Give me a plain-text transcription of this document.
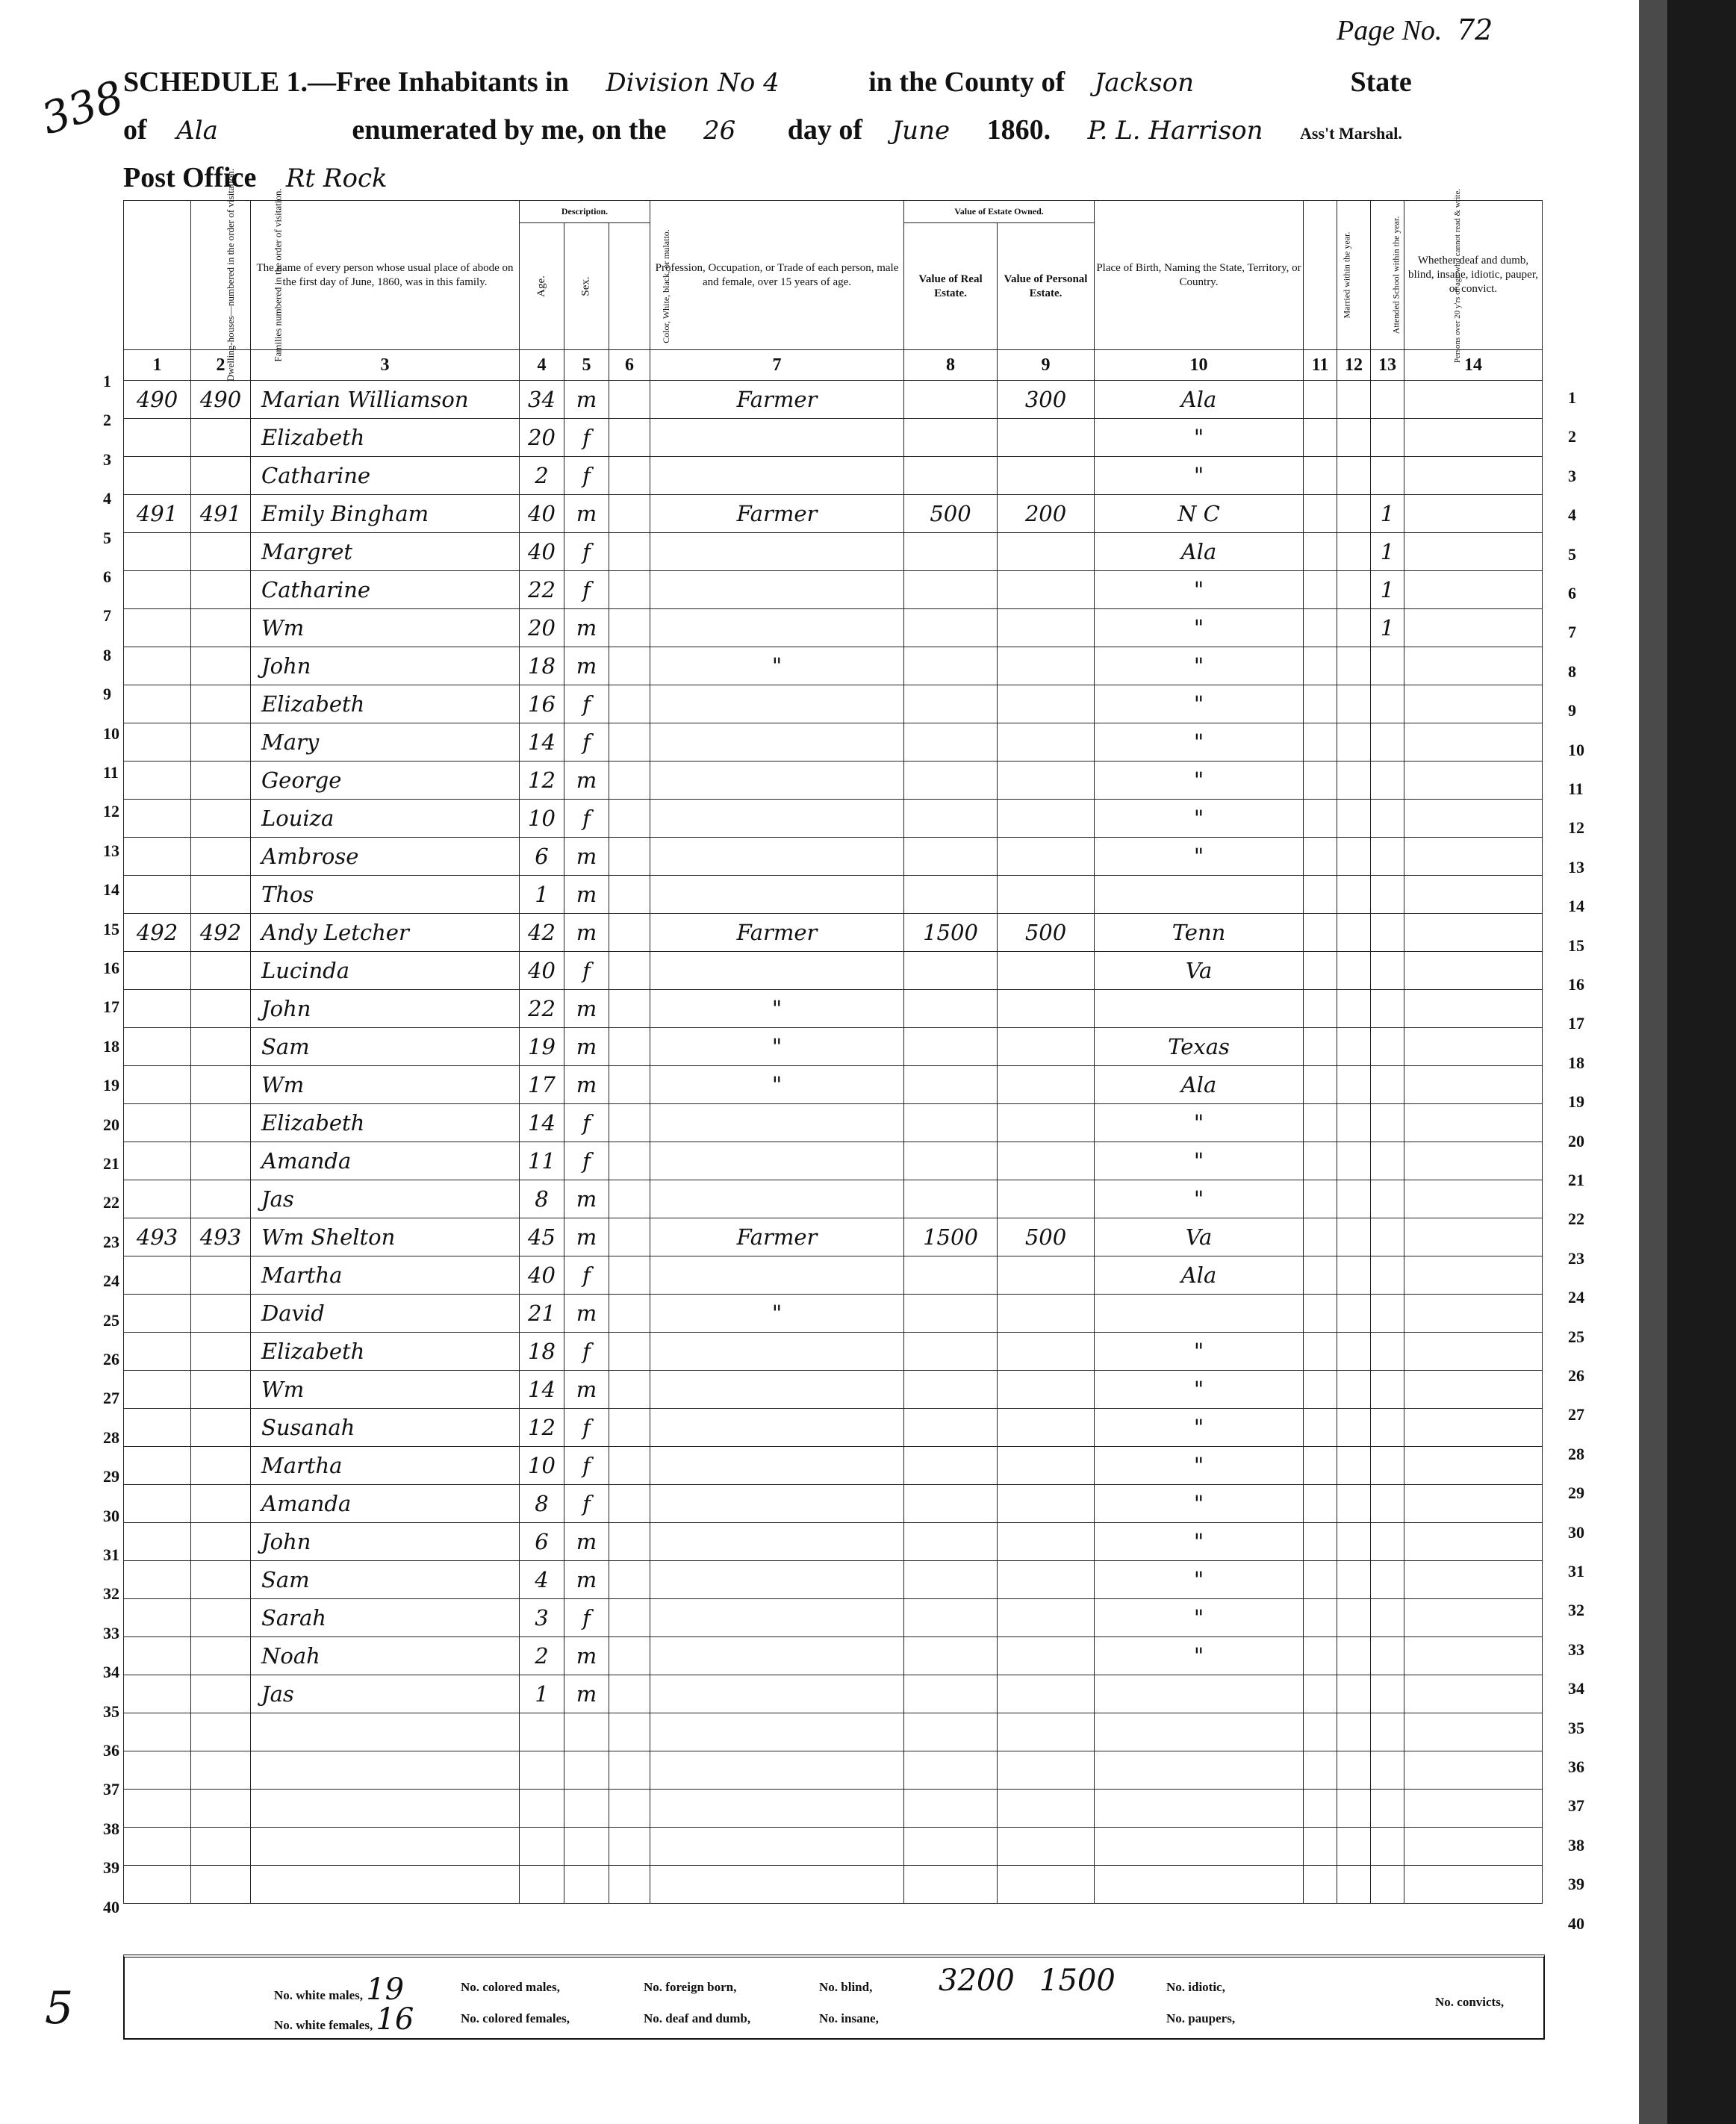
338
Page No. 72
SCHEDULE 1.—Free Inhabitants in Division No 4	in the County of Jackson	State
of Ala	enumerated by me, on the 26 day of June 1860. P. L. Harrison Ass't Marshal.
Post Office Rt Rock
Dwelling-houses—numbered in the order of visitation.	Families numbered in the order of visitation.	The name of every person whose usual place of abode on the first day of June, 1860, was in this family.	Description.			Profession, Occupation, or Trade of each person, male and female, over 15 years of age.	Value of Estate Owned.		Place of Birth, Naming the State, Territory, or Country.	Married within the year.	Attended School within the year.	Persons over 20 y'rs of age who cannot read & write.	Whether deaf and dumb, blind, insane, idiotic, pauper, or convict.
			Age.	Sex.	Color, White, black, or mulatto.		Value of Real Estate.	Value of Personal Estate.					
1	2	3	4	5	6	7	8	9	10	11	12	13	14
490	490	Marian Williamson	34	m		Farmer		300	Ala				
		Elizabeth	20	f					"				
		Catharine	2	f					"				
491	491	Emily Bingham	40	m		Farmer	500	200	N C			1	
		Margret	40	f					Ala			1	
		Catharine	22	f					"			1	
		Wm	20	m					"			1	
		John	18	m		"			"				
		Elizabeth	16	f					"				
		Mary	14	f					"				
		George	12	m					"				
		Louiza	10	f					"				
		Ambrose	6	m					"				
		Thos	1	m									
492	492	Andy Letcher	42	m		Farmer	1500	500	Tenn				
		Lucinda	40	f					Va				
		John	22	m		"							
		Sam	19	m		"			Texas				
		Wm	17	m		"			Ala				
		Elizabeth	14	f					"				
		Amanda	11	f					"				
		Jas	8	m					"				
493	493	Wm Shelton	45	m		Farmer	1500	500	Va				
		Martha	40	f					Ala				
		David	21	m		"							
		Elizabeth	18	f					"				
		Wm	14	m					"				
		Susanah	12	f					"				
		Martha	10	f					"				
		Amanda	8	f					"				
		John	6	m					"				
		Sam	4	m					"				
		Sarah	3	f					"				
		Noah	2	m					"				
		Jas	1	m									

1
2
3
4
5
6
7
8
9
10
11
12
13
14
15
16
17
18
19
20
21
22
23
24
25
26
27
28
29
30
31
32
33
34
35
36
37
38
39
40
1
2
3
4
5
6
7
8
9
10
11
12
13
14
15
16
17
18
19
20
21
22
23
24
25
26
27
28
29
30
31
32
33
34
35
36
37
38
39
40
No. white males, 19
No. white females, 16
No. colored males,
No. colored females,
No. foreign born,
No. deaf and dumb,
No. blind,
No. insane,
3200 1500	No. idiotic,
No. paupers,
No. convicts,
5
